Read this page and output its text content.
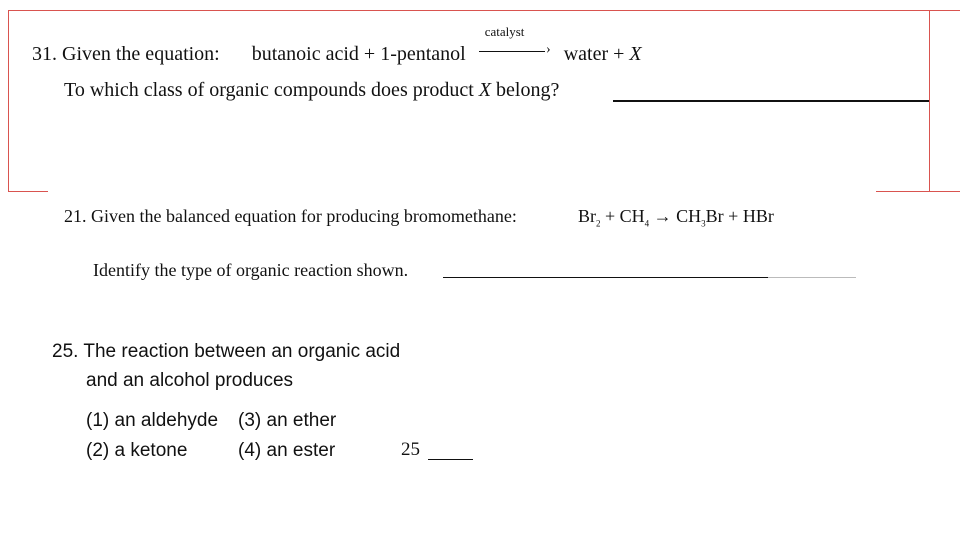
31. Given the equation: butanoic acid + 1-pentanol
catalyst
› water + X
To which class of organic compounds does product X belong?
21. Given the balanced equation for producing bromomethane:	$Br_2 + CH_4 \to CH_3Br$ + HBr
Identify the type of organic reaction shown.
25. The reaction between an organic acid
and an alcohol produces
(1) an aldehyde (3) an ether
(2) a ketone	(4) an ester	25
